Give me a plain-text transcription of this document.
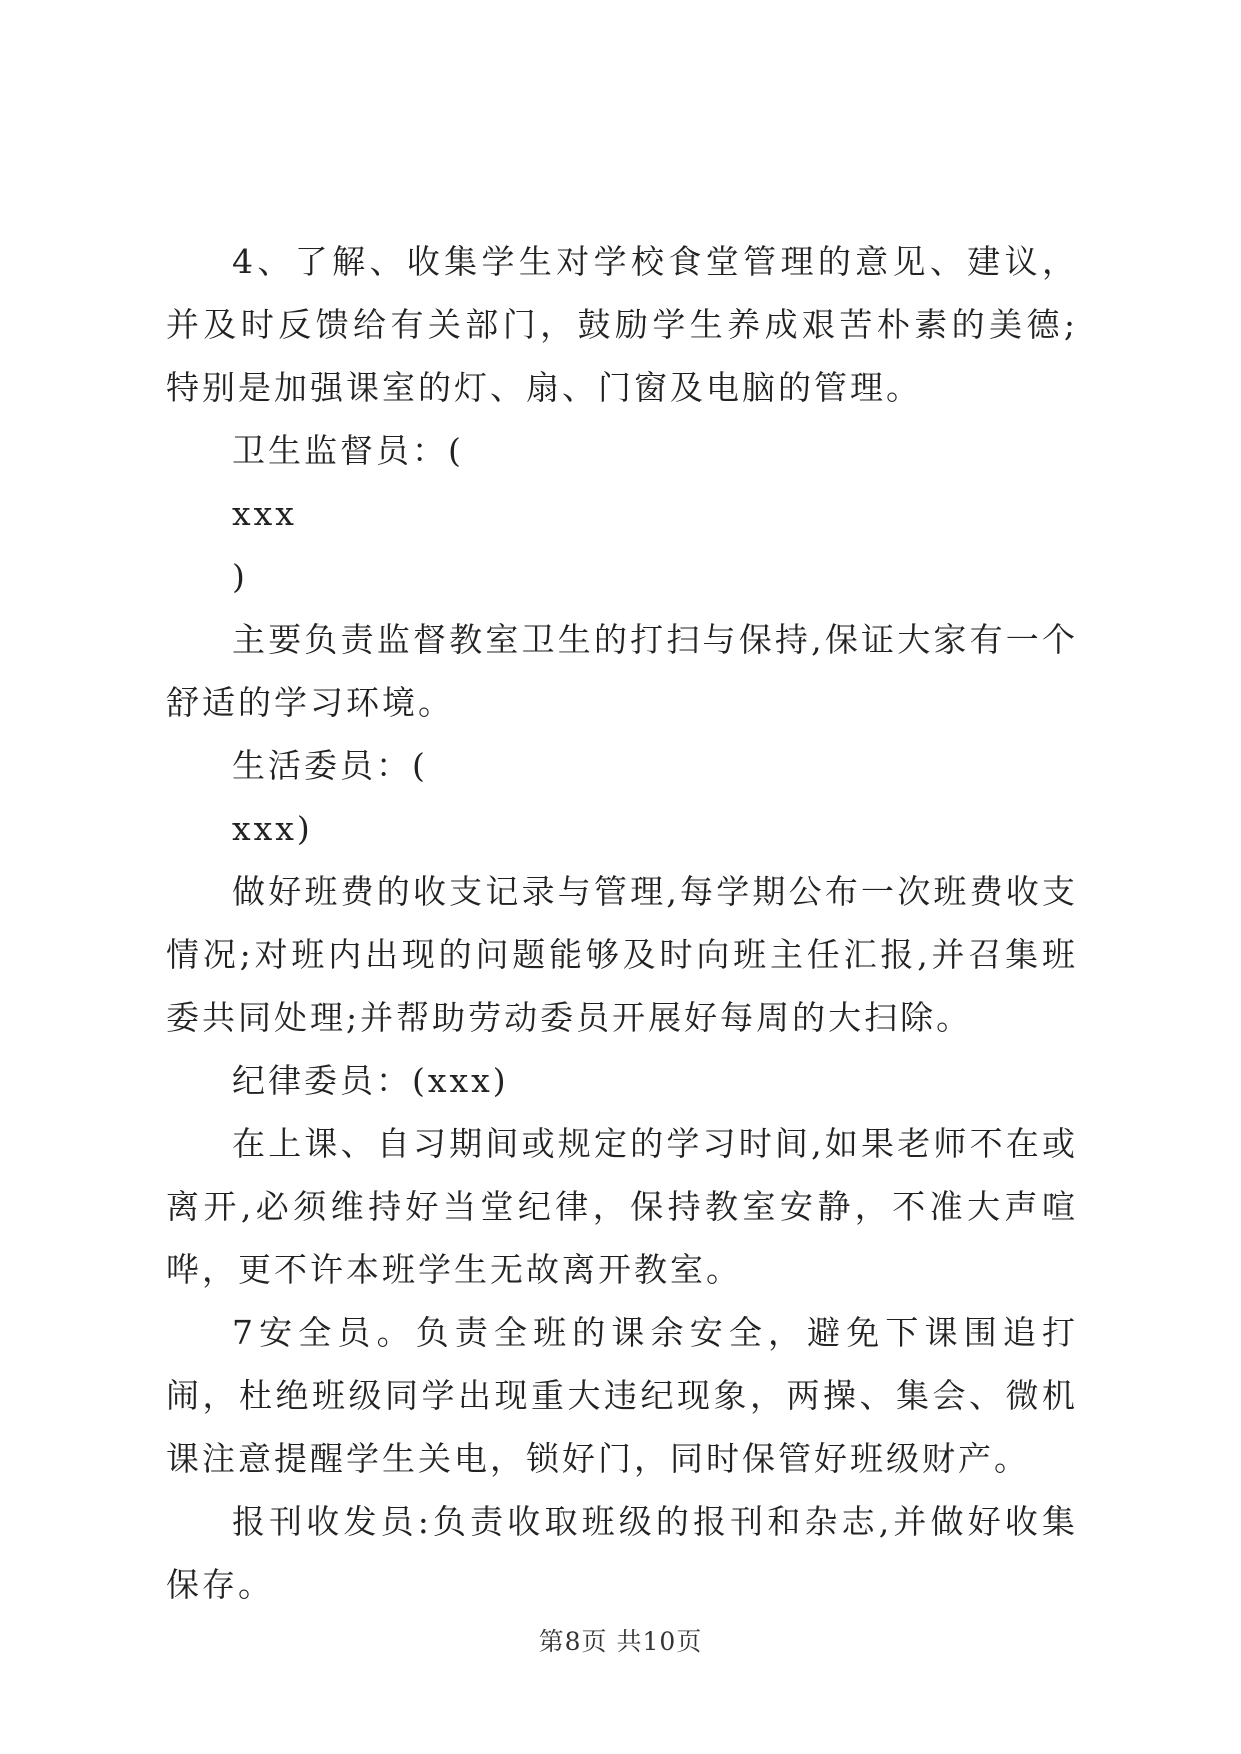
4、了解、收集学生对学校食堂管理的意见、建议，并及时反馈给有关部门，鼓励学生养成艰苦朴素的美德;特别是加强课室的灯、扇、门窗及电脑的管理。

卫生监督员：(

xxx

)

主要负责监督教室卫生的打扫与保持,保证大家有一个舒适的学习环境。

生活委员：(

xxx)

做好班费的收支记录与管理,每学期公布一次班费收支情况;对班内出现的问题能够及时向班主任汇报,并召集班委共同处理;并帮助劳动委员开展好每周的大扫除。

纪律委员：(xxx)

在上课、自习期间或规定的学习时间,如果老师不在或离开,必须维持好当堂纪律，保持教室安静，不准大声喧哗，更不许本班学生无故离开教室。

7安全员。负责全班的课余安全，避免下课围追打闹，杜绝班级同学出现重大违纪现象，两操、集会、微机课注意提醒学生关电，锁好门，同时保管好班级财产。

报刊收发员:负责收取班级的报刊和杂志,并做好收集保存。

第8页 共10页
